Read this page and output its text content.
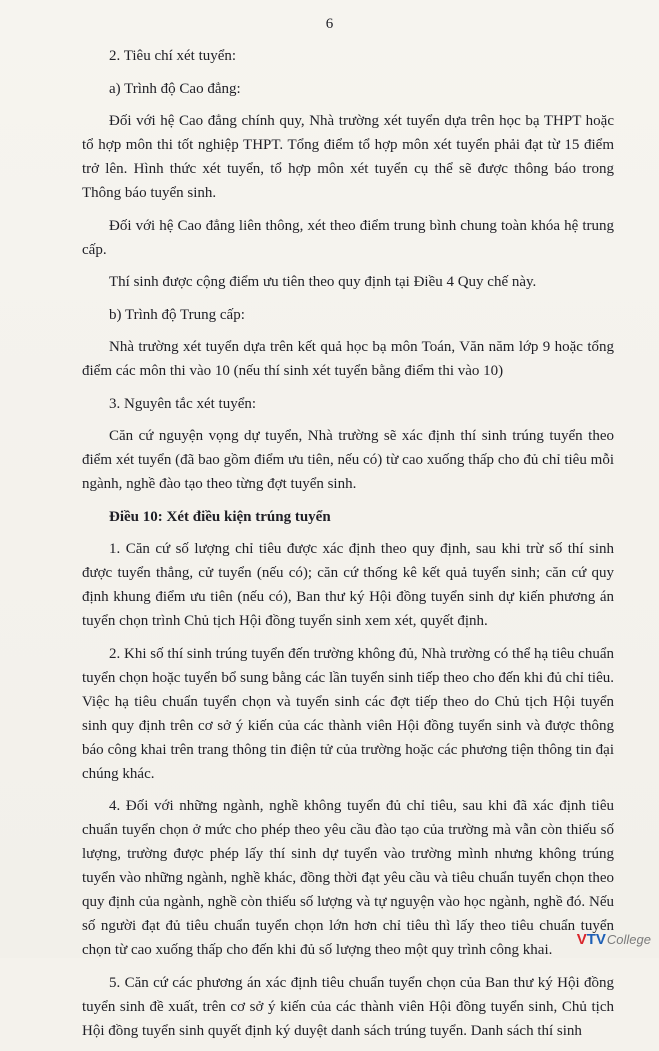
6

2. Tiêu chí xét tuyển:

a) Trình độ Cao đẳng:

Đối với hệ Cao đẳng chính quy, Nhà trường xét tuyển dựa trên học bạ THPT hoặc tổ hợp môn thi tốt nghiệp THPT. Tổng điểm tổ hợp môn xét tuyển phải đạt từ 15 điểm trở lên. Hình thức xét tuyển, tổ hợp môn xét tuyển cụ thể sẽ được thông báo trong Thông báo tuyển sinh.

Đối với hệ Cao đẳng liên thông, xét theo điểm trung bình chung toàn khóa hệ trung cấp.

Thí sinh được cộng điểm ưu tiên theo quy định tại Điều 4 Quy chế này.

b) Trình độ Trung cấp:

Nhà trường xét tuyển dựa trên kết quả học bạ môn Toán, Văn năm lớp 9 hoặc tổng điểm các môn thi vào 10 (nếu thí sinh xét tuyển bằng điểm thi vào 10)

3. Nguyên tắc xét tuyển:

Căn cứ nguyện vọng dự tuyển, Nhà trường sẽ xác định thí sinh trúng tuyển theo điểm xét tuyển (đã bao gồm điểm ưu tiên, nếu có) từ cao xuống thấp cho đủ chỉ tiêu mỗi ngành, nghề đào tạo theo từng đợt tuyển sinh.

Điều 10: Xét điều kiện trúng tuyển

1. Căn cứ số lượng chỉ tiêu được xác định theo quy định, sau khi trừ số thí sinh được tuyển thẳng, cử tuyển (nếu có); căn cứ thống kê kết quả tuyển sinh; căn cứ quy định khung điểm ưu tiên (nếu có), Ban thư ký Hội đồng tuyển sinh dự kiến phương án tuyển chọn trình Chủ tịch Hội đồng tuyển sinh xem xét, quyết định.

2. Khi số thí sinh trúng tuyển đến trường không đủ, Nhà trường có thể hạ tiêu chuẩn tuyển chọn hoặc tuyển bổ sung bằng các lần tuyển sinh tiếp theo cho đến khi đủ chỉ tiêu. Việc hạ tiêu chuẩn tuyển chọn và tuyển sinh các đợt tiếp theo do Chủ tịch Hội tuyển sinh quy định trên cơ sở ý kiến của các thành viên Hội đồng tuyển sinh và được thông báo công khai trên trang thông tin điện tử của trường hoặc các phương tiện thông tin đại chúng khác.

4. Đối với những ngành, nghề không tuyển đủ chỉ tiêu, sau khi đã xác định tiêu chuẩn tuyển chọn ở mức cho phép theo yêu cầu đào tạo của trường mà vẫn còn thiếu số lượng, trường được phép lấy thí sinh dự tuyển vào trường mình nhưng không trúng tuyển vào những ngành, nghề khác, đồng thời đạt yêu cầu và tiêu chuẩn tuyển chọn theo quy định của ngành, nghề còn thiếu số lượng và tự nguyện vào học ngành, nghề đó. Nếu số người đạt đủ tiêu chuẩn tuyển chọn lớn hơn chỉ tiêu thì lấy theo tiêu chuẩn tuyển chọn từ cao xuống thấp cho đến khi đủ số lượng theo một quy trình công khai.

5. Căn cứ các phương án xác định tiêu chuẩn tuyển chọn của Ban thư ký Hội đồng tuyển sinh đề xuất, trên cơ sở ý kiến của các thành viên Hội đồng tuyển sinh, Chủ tịch Hội đồng tuyển sinh quyết định ký duyệt danh sách trúng tuyển. Danh sách thí sinh

V TV College
